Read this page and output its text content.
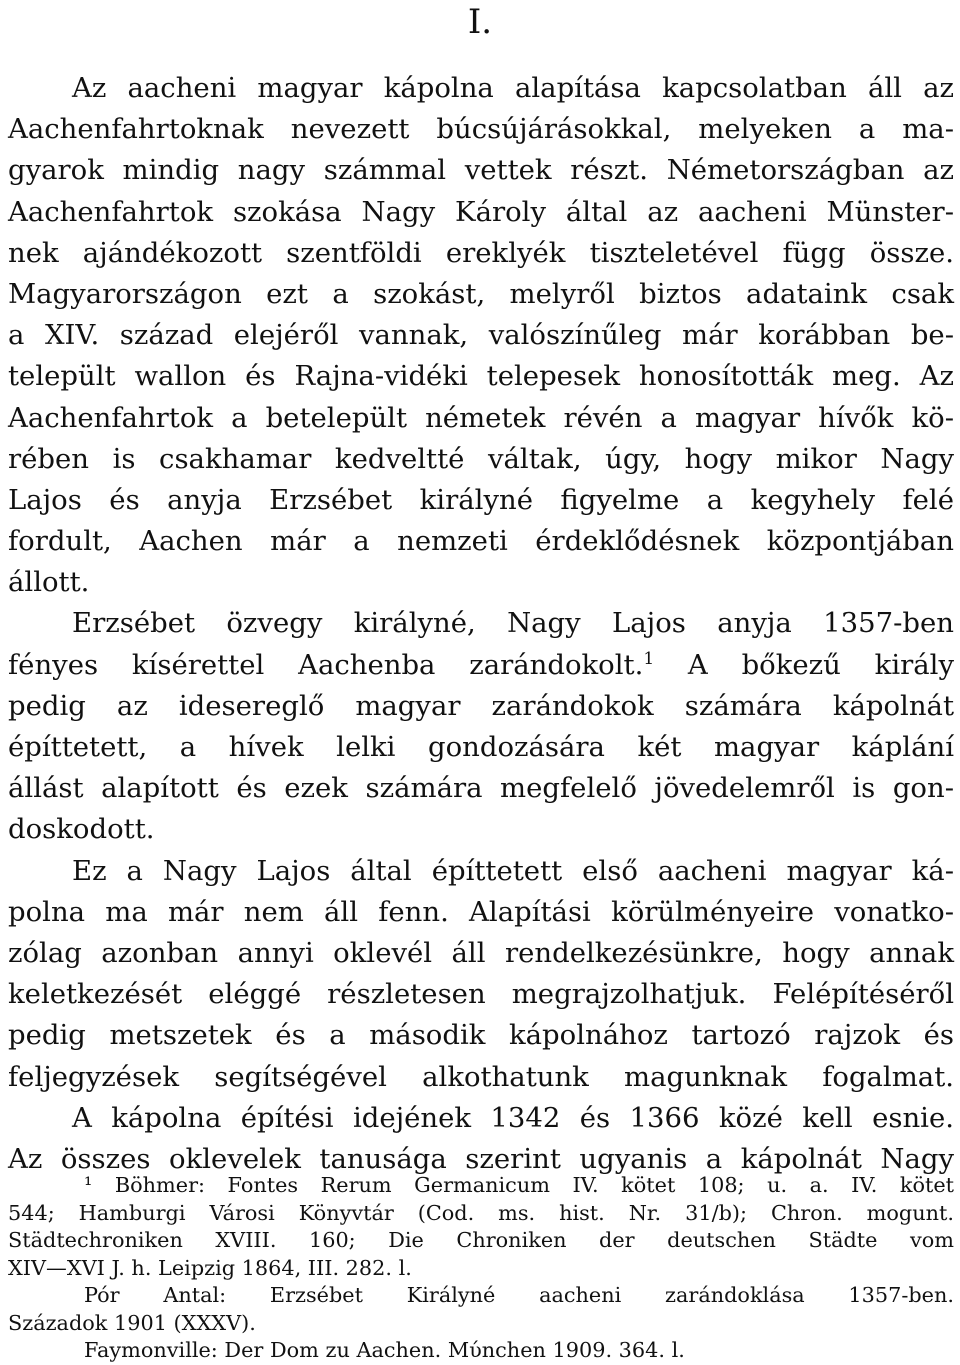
I.
Az aacheni magyar kápolna alapítása kapcsolatban áll az
Aachenfahrtoknak nevezett búcsújárásokkal, melyeken a ma-
gyarok mindig nagy számmal vettek részt. Németországban az
Aachenfahrtok szokása Nagy Károly által az aacheni Münster-
nek ajándékozott szentföldi ereklyék tiszteletével függ össze.
Magyarországon ezt a szokást, melyről biztos adataink csak
a XIV. század elejéről vannak, valószínűleg már korábban be-
települt wallon és Rajna-vidéki telepesek honosították meg. Az
Aachenfahrtok a betelepült németek révén a magyar hívők kö-
rében is csakhamar kedveltté váltak, úgy, hogy mikor Nagy
Lajos és anyja Erzsébet királyné figyelme a kegyhely felé
fordult, Aachen már a nemzeti érdeklődésnek központjában
állott.
Erzsébet özvegy királyné, Nagy Lajos anyja 1357-ben
fényes kísérettel Aachenba zarándokolt.$^1$ A bőkezű király
pedig az idesereglő magyar zarándokok számára kápolnát
építtetett, a hívek lelki gondozására két magyar káplání
állást alapított és ezek számára megfelelő jövedelemről is gon-
doskodott.
Ez a Nagy Lajos által építtetett első aacheni magyar ká-
polna ma már nem áll fenn. Alapítási körülményeire vonatko-
zólag azonban annyi oklevél áll rendelkezésünkre, hogy annak
keletkezését eléggé részletesen megrajzolhatjuk. Felépítéséről
pedig metszetek és a második kápolnához tartozó rajzok és
feljegyzések segítségével alkothatunk magunknak fogalmat.
A kápolna építési idejének 1342 és 1366 közé kell esnie.
Az összes oklevelek tanusága szerint ugyanis a kápolnát Nagy
¹ Böhmer: Fontes Rerum Germanicum IV. kötet 108; u. a. IV. kötet
544; Hamburgi Városi Könyvtár (Cod. ms. hist. Nr. 31/b); Chron. mogunt.
Städtechroniken XVIII. 160; Die Chroniken der deutschen Städte vom
XIV—XVI J. h. Leipzig 1864, III. 282. l.
Pór Antal: Erzsébet Királyné aacheni zarándoklása 1357-ben.
Századok 1901 (XXXV).
Faymonville: Der Dom zu Aachen. Mύnchen 1909. 364. l.
